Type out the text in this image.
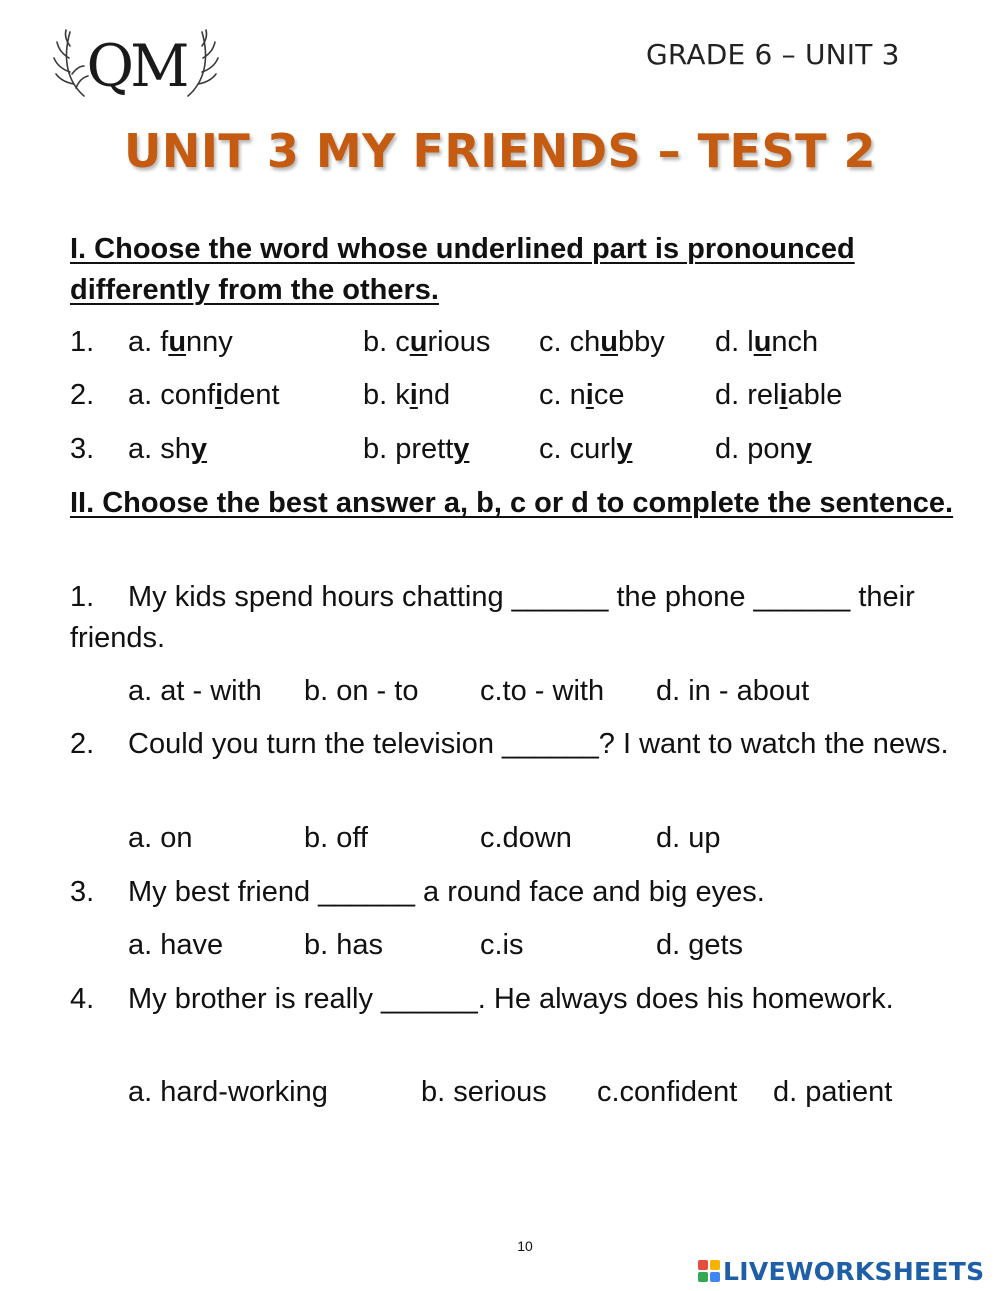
QM	GRADE 6 – UNIT 3
UNIT 3 MY FRIENDS – TEST 2
I. Choose the word whose underlined part is pronounced differently from the others.
1. a. funny	b. curious c. chubby d. lunch
2. a. confident	b. kind	c. nice	d. reliable
3. a. shy	b. pretty c. curly	d. pony
II. Choose the best answer a, b, c or d to complete the sentence.
1. My kids spend hours chatting ______ the phone ______ their friends.
a. at - with b. on - to c.to - with d. in - about
2. Could you turn the television ______? I want to watch the news.
a. on	b. off	c.down	d. up
3. My best friend ______ a round face and big eyes.
a. have	b. has	c.is	d. gets
4. My brother is really ______. He always does his homework.
a. hard-working	b. serious c.confident d. patient
10
LIVEWORKSHEETS
